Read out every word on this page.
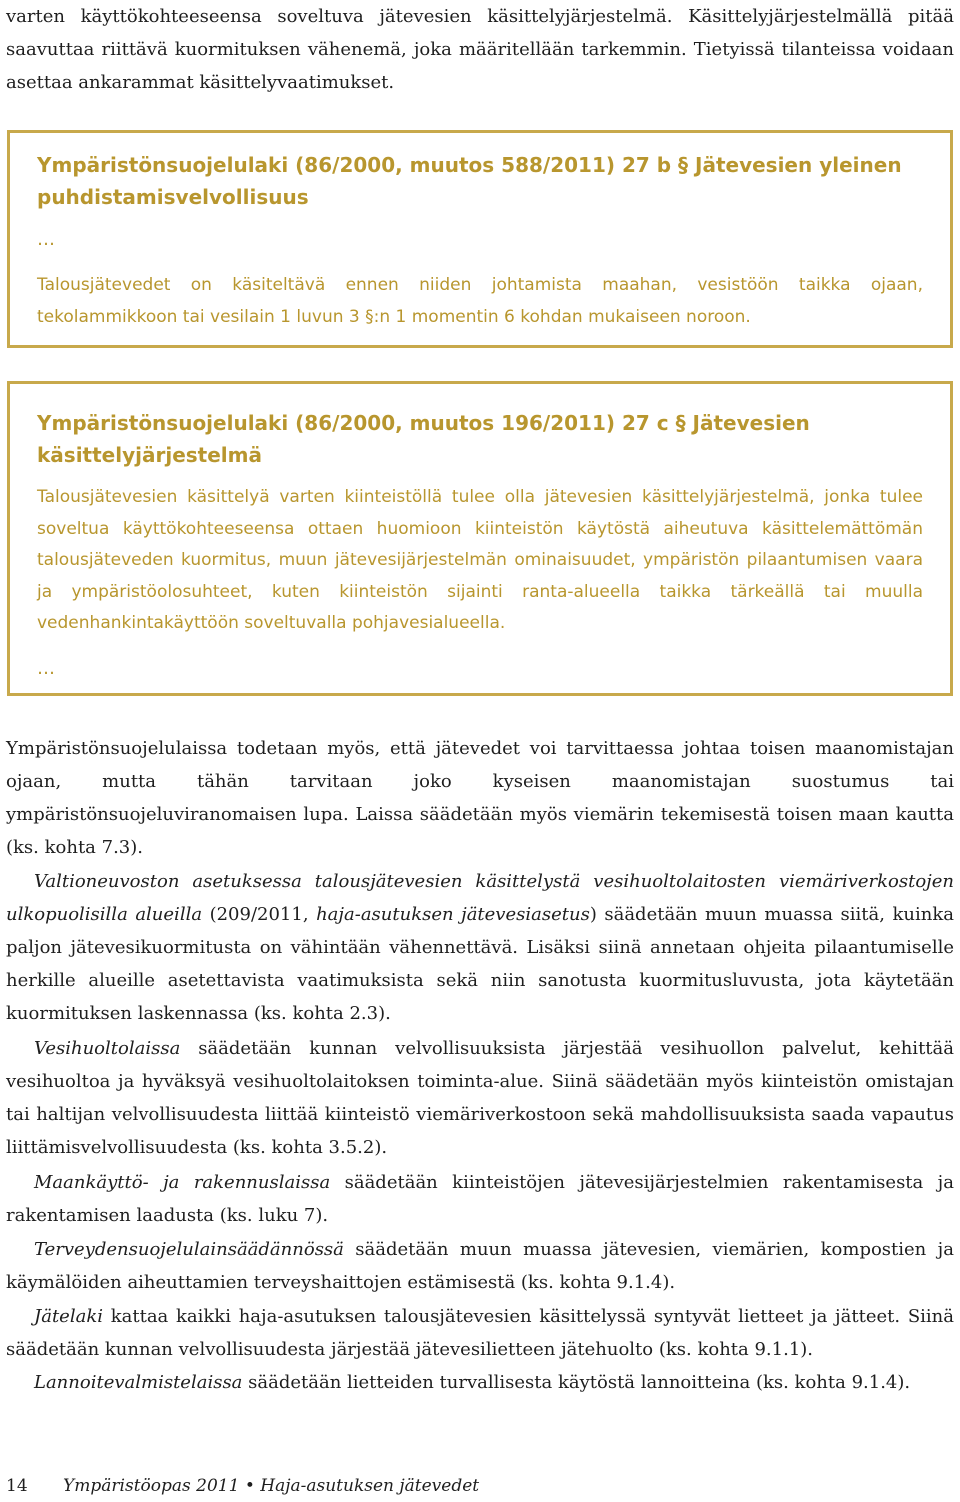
varten käyttökohteeseensa soveltuva jätevesien käsittelyjärjestelmä. Käsittelyjärjestelmällä pitää saavuttaa riittävä kuormituksen vähenemä, joka määritellään tarkemmin. Tietyissä tilanteissa voidaan asettaa ankarammat käsittelyvaatimukset.

Ympäristönsuojelulaki (86/2000, muutos 588/2011) 27 b § Jätevesien yleinen puhdistamisvelvollisuus

…

Talousjätevedet on käsiteltävä ennen niiden johtamista maahan, vesistöön taikka ojaan, tekolammikkoon tai vesilain 1 luvun 3 §:n 1 momentin 6 kohdan mukaiseen noroon.

Ympäristönsuojelulaki (86/2000, muutos 196/2011) 27 c § Jätevesien käsittelyjärjestelmä

Talousjätevesien käsittelyä varten kiinteistöllä tulee olla jätevesien käsittelyjärjestelmä, jonka tulee soveltua käyttökohteeseensa ottaen huomioon kiinteistön käytöstä aiheutuva käsittelemättömän talousjäteveden kuormitus, muun jätevesijärjestelmän ominaisuudet, ympäristön pilaantumisen vaara ja ympäristöolosuhteet, kuten kiinteistön sijainti ranta-alueella taikka tärkeällä tai muulla vedenhankintakäyttöön soveltuvalla pohjavesialueella.

…

Ympäristönsuojelulaissa todetaan myös, että jätevedet voi tarvittaessa johtaa toisen maanomistajan ojaan, mutta tähän tarvitaan joko kyseisen maanomistajan suostumus tai ympäristönsuojeluviranomaisen lupa. Laissa säädetään myös viemärin tekemisestä toisen maan kautta (ks. kohta 7.3).

Valtioneuvoston asetuksessa talousjätevesien käsittelystä vesihuoltolaitosten viemäriverkostojen ulkopuolisilla alueilla (209/2011, haja-asutuksen jätevesiasetus) säädetään muun muassa siitä, kuinka paljon jätevesikuormitusta on vähintään vähennettävä. Lisäksi siinä annetaan ohjeita pilaantumiselle herkille alueille asetettavista vaatimuksista sekä niin sanotusta kuormitusluvusta, jota käytetään kuormituksen laskennassa (ks. kohta 2.3).

Vesihuoltolaissa säädetään kunnan velvollisuuksista järjestää vesihuollon palvelut, kehittää vesihuoltoa ja hyväksyä vesihuoltolaitoksen toiminta-alue. Siinä säädetään myös kiinteistön omistajan tai haltijan velvollisuudesta liittää kiinteistö viemäriverkostoon sekä mahdollisuuksista saada vapautus liittämisvelvollisuudesta (ks. kohta 3.5.2).

Maankäyttö- ja rakennuslaissa säädetään kiinteistöjen jätevesijärjestelmien rakentamisesta ja rakentamisen laadusta (ks. luku 7).

Terveydensuojelulainsäädännössä säädetään muun muassa jätevesien, viemärien, kompostien ja käymälöiden aiheuttamien terveyshaittojen estämisestä (ks. kohta 9.1.4).

Jätelaki kattaa kaikki haja-asutuksen talousjätevesien käsittelyssä syntyvät lietteet ja jätteet. Siinä säädetään kunnan velvollisuudesta järjestää jätevesilietteen jätehuolto (ks. kohta 9.1.1).

Lannoitevalmistelaissa säädetään lietteiden turvallisesta käytöstä lannoitteina (ks. kohta 9.1.4).

14 Ympäristöopas 2011 • Haja-asutuksen jätevedet
